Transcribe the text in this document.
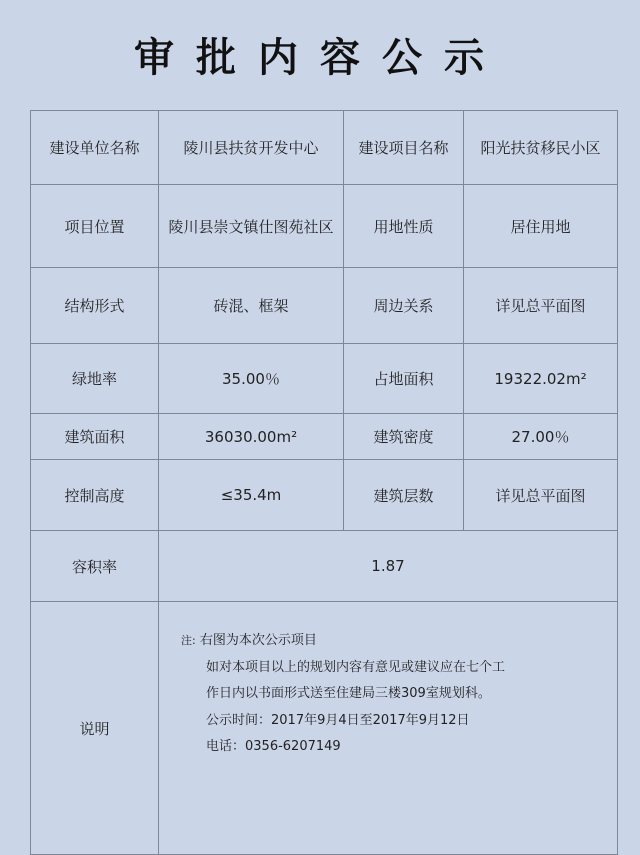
审批内容公示
建设单位名称	陵川县扶贫开发中心	建设项目名称	阳光扶贫移民小区
项目位置	陵川县崇文镇仕图苑社区	用地性质	居住用地
结构形式	砖混、框架	周边关系	详见总平面图
绿地率	35.00％	占地面积	19322.02m²
建筑面积	36030.00m²	建筑密度	27.00％
控制高度	≤35.4m	建筑层数	详见总平面图
容积率	1.87		
说明	注: 右图为本次公示项目
如对本项目以上的规划内容有意见或建议应在七个工
作日内以书面形式送至住建局三楼309室规划科。
公示时间：2017年9月4日至2017年9月12日
电话：0356-6207149		
